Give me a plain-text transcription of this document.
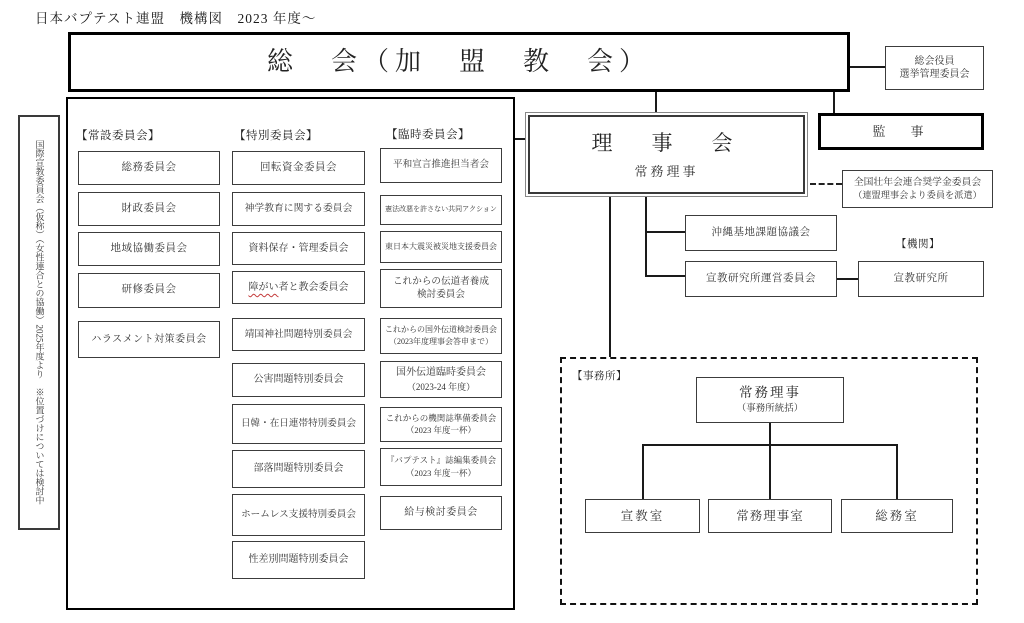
日本バプテスト連盟　機構図　2023 年度～
総　会（加　盟　教　会）	総会役員
選挙管理委員会
理　事　会
常務理事
監　事
全国壮年会連合奨学金委員会
（連盟理事会より委員を派遣）
沖縄基地課題協議会
宣教研究所運営委員会
【機関】
宣教研究所
国際宣教委員会（仮称）（女性連合との協働）2025年度より　※位置づけについては検討中
【常設委員会】	【特別委員会】	【臨時委員会】
総務委員会
財政委員会
地域協働委員会
研修委員会
ハラスメント対策委員会
回転資金委員会
神学教育に関する委員会
資料保存・管理委員会
障がい者と教会委員会
靖国神社問題特別委員会
公害問題特別委員会
日韓・在日連帯特別委員会
部落問題特別委員会
ホームレス支援特別委員会
性差別問題特別委員会
平和宣言推進担当者会
憲法改悪を許さない共同アクション
東日本大震災被災地支援委員会
これからの伝道者養成
検討委員会
これからの国外伝道検討委員会
（2023年度理事会答申まで）
国外伝道臨時委員会
（2023-24 年度）
これからの機関誌準備委員会
（2023 年度一杯）
『バプテスト』誌編集委員会
（2023 年度一杯）
給与検討委員会
【事務所】
常務理事
（事務所統括）
宣教室	常務理事室	総務室
